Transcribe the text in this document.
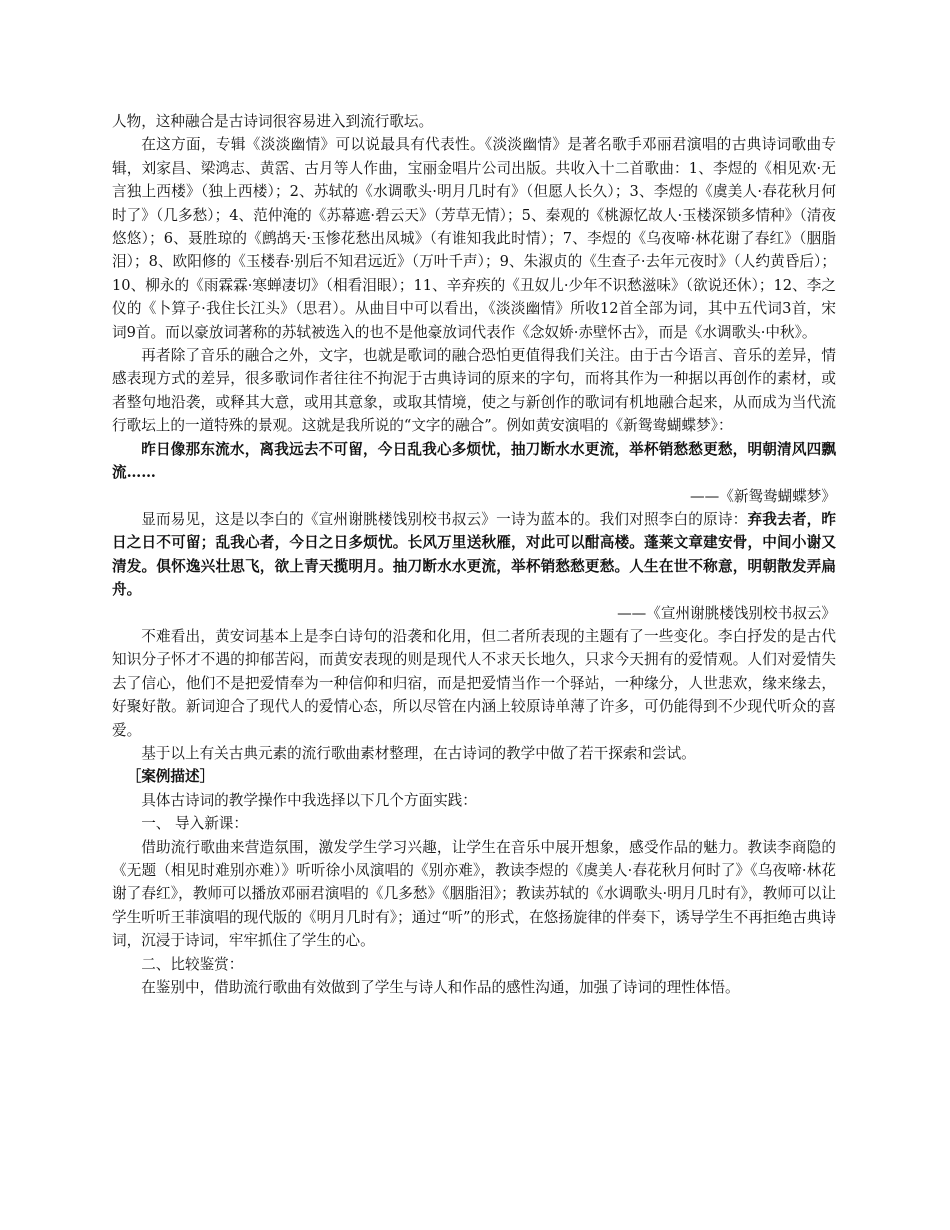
人物，这种融合是古诗词很容易进入到流行歌坛。

在这方面，专辑《淡淡幽情》可以说最具有代表性。《淡淡幽情》是著名歌手邓丽君演唱的古典诗词歌曲专辑，刘家昌、梁鸿志、黄霑、古月等人作曲，宝丽金唱片公司出版。共收入十二首歌曲：1、李煜的《相见欢·无言独上西楼》（独上西楼）；2、苏轼的《水调歌头·明月几时有》（但愿人长久）；3、李煜的《虞美人·春花秋月何时了》（几多愁）；4、范仲淹的《苏幕遮·碧云天》（芳草无情）；5、秦观的《桃源忆故人·玉楼深锁多情种》（清夜悠悠）；6、聂胜琼的《鹧鸪天·玉惨花愁出凤城》（有谁知我此时情）；7、李煜的《乌夜啼·林花谢了春红》（胭脂泪）；8、欧阳修的《玉楼春·别后不知君远近》（万叶千声）；9、朱淑贞的《生查子·去年元夜时》（人约黄昏后）；10、柳永的《雨霖霖·寒蝉凄切》（相看泪眼）；11、辛弃疾的《丑奴儿·少年不识愁滋味》（欲说还休）；12、李之仪的《卜算子·我住长江头》（思君）。从曲目中可以看出，《淡淡幽情》所收12首全部为词，其中五代词3首，宋词9首。而以豪放词著称的苏轼被选入的也不是他豪放词代表作《念奴娇·赤壁怀古》，而是《水调歌头·中秋》。

再者除了音乐的融合之外，文字，也就是歌词的融合恐怕更值得我们关注。由于古今语言、音乐的差异，情感表现方式的差异，很多歌词作者往往不拘泥于古典诗词的原来的字句，而将其作为一种据以再创作的素材，或者整句地沿袭，或释其大意，或用其意象，或取其情境，使之与新创作的歌词有机地融合起来，从而成为当代流行歌坛上的一道特殊的景观。这就是我所说的“文字的融合”。例如黄安演唱的《新鸳鸯蝴蝶梦》：

昨日像那东流水，离我远去不可留，今日乱我心多烦忧，抽刀断水水更流，举杯销愁愁更愁，明朝清风四飘流……

——《新鸳鸯蝴蝶梦》

显而易见，这是以李白的《宣州谢朓楼饯别校书叔云》一诗为蓝本的。我们对照李白的原诗：弃我去者，昨日之日不可留；乱我心者，今日之日多烦忧。长风万里送秋雁，对此可以酣高楼。蓬莱文章建安骨，中间小谢又清发。俱怀逸兴壮思飞，欲上青天揽明月。抽刀断水水更流，举杯销愁愁更愁。人生在世不称意，明朝散发弄扁舟。

——《宣州谢朓楼饯别校书叔云》

不难看出，黄安词基本上是李白诗句的沿袭和化用，但二者所表现的主题有了一些变化。李白抒发的是古代知识分子怀才不遇的抑郁苦闷，而黄安表现的则是现代人不求天长地久，只求今天拥有的爱情观。人们对爱情失去了信心，他们不是把爱情奉为一种信仰和归宿，而是把爱情当作一个驿站，一种缘分，人世悲欢，缘来缘去，好聚好散。新词迎合了现代人的爱情心态，所以尽管在内涵上较原诗单薄了许多，可仍能得到不少现代听众的喜爱。

基于以上有关古典元素的流行歌曲素材整理，在古诗词的教学中做了若干探索和尝试。

［案例描述］

具体古诗词的教学操作中我选择以下几个方面实践：

一、 导入新课：

借助流行歌曲来营造氛围，激发学生学习兴趣，让学生在音乐中展开想象，感受作品的魅力。教读李商隐的《无题（相见时难别亦难）》听听徐小凤演唱的《别亦难》，教读李煜的《虞美人·春花秋月何时了》《乌夜啼·林花谢了春红》，教师可以播放邓丽君演唱的《几多愁》《胭脂泪》；教读苏轼的《水调歌头·明月几时有》，教师可以让学生听听王菲演唱的现代版的《明月几时有》；通过“听”的形式，在悠扬旋律的伴奏下，诱导学生不再拒绝古典诗词，沉浸于诗词，牢牢抓住了学生的心。

二、比较鉴赏：

在鉴别中，借助流行歌曲有效做到了学生与诗人和作品的感性沟通，加强了诗词的理性体悟。
